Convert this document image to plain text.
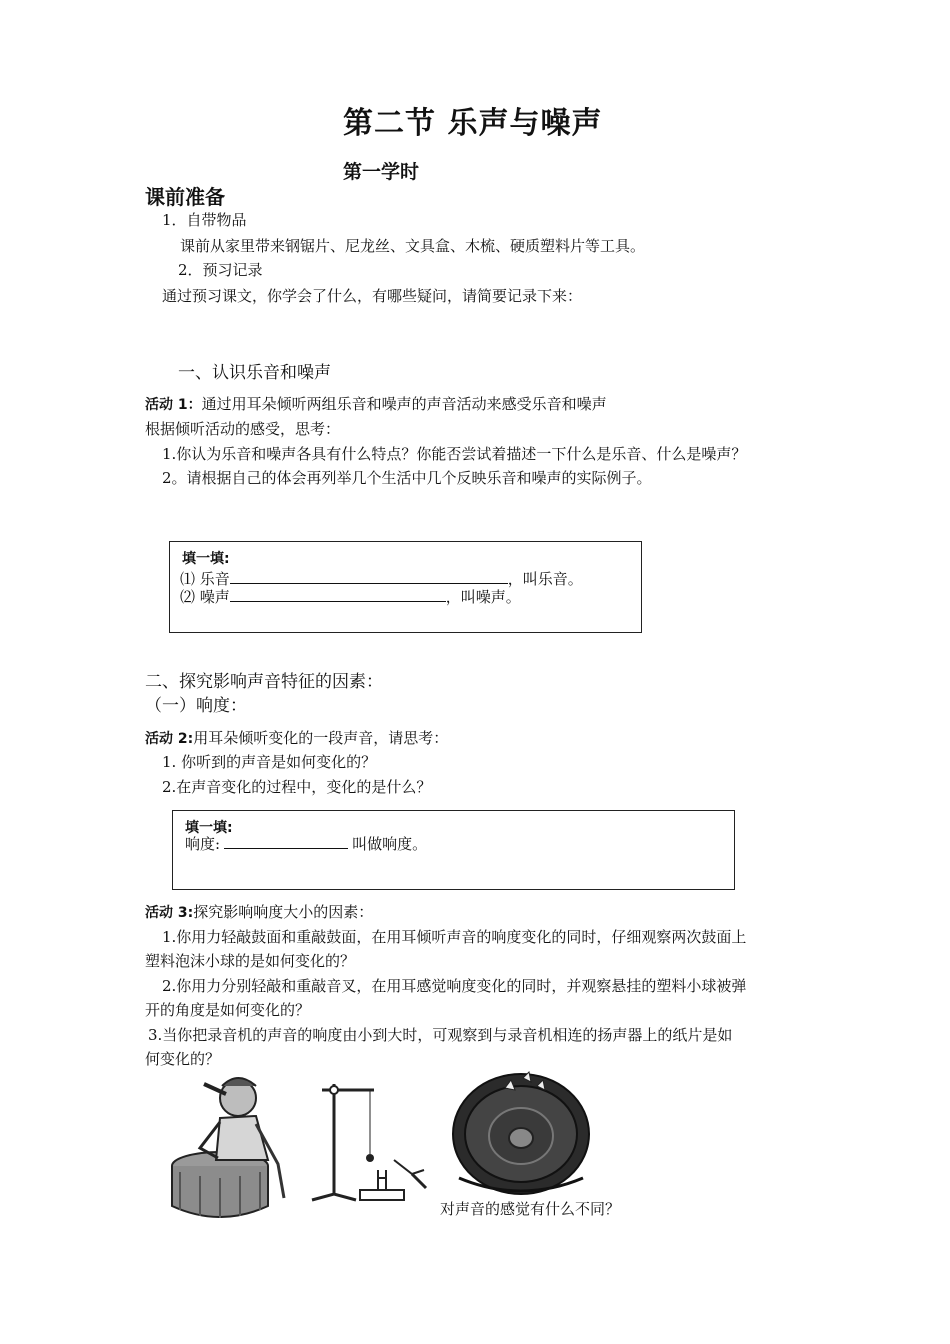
第二节 乐声与噪声
第一学时
课前准备
1．自带物品
课前从家里带来钢锯片、尼龙丝、文具盒、木梳、硬质塑料片等工具。
2．预习记录
通过预习课文，你学会了什么，有哪些疑问，请简要记录下来：
一、认识乐音和噪声
活动 1：通过用耳朵倾听两组乐音和噪声的声音活动来感受乐音和噪声
根据倾听活动的感受，思考：
1.你认为乐音和噪声各具有什么特点？你能否尝试着描述一下什么是乐音、什么是噪声？
2。请根据自己的体会再列举几个生活中几个反映乐音和噪声的实际例子。
填一填:
⑴ 乐音	，叫乐音。
⑵ 噪声	，叫噪声。
二、探究影响声音特征的因素：
（一）响度：
活动 2:用耳朵倾听变化的一段声音，请思考：
1. 你听到的声音是如何变化的？
2.在声音变化的过程中，变化的是什么？
填一填:
响度:	叫做响度。
活动 3:探究影响响度大小的因素：
1.你用力轻敲鼓面和重敲鼓面，在用耳倾听声音的响度变化的同时，仔细观察两次鼓面上
塑料泡沫小球的是如何变化的？
2.你用力分别轻敲和重敲音叉，在用耳感觉响度变化的同时，并观察悬挂的塑料小球被弹
开的角度是如何变化的？
3.当你把录音机的声音的响度由小到大时，可观察到与录音机相连的扬声器上的纸片是如
何变化的？
对声音的感觉有什么不同？
